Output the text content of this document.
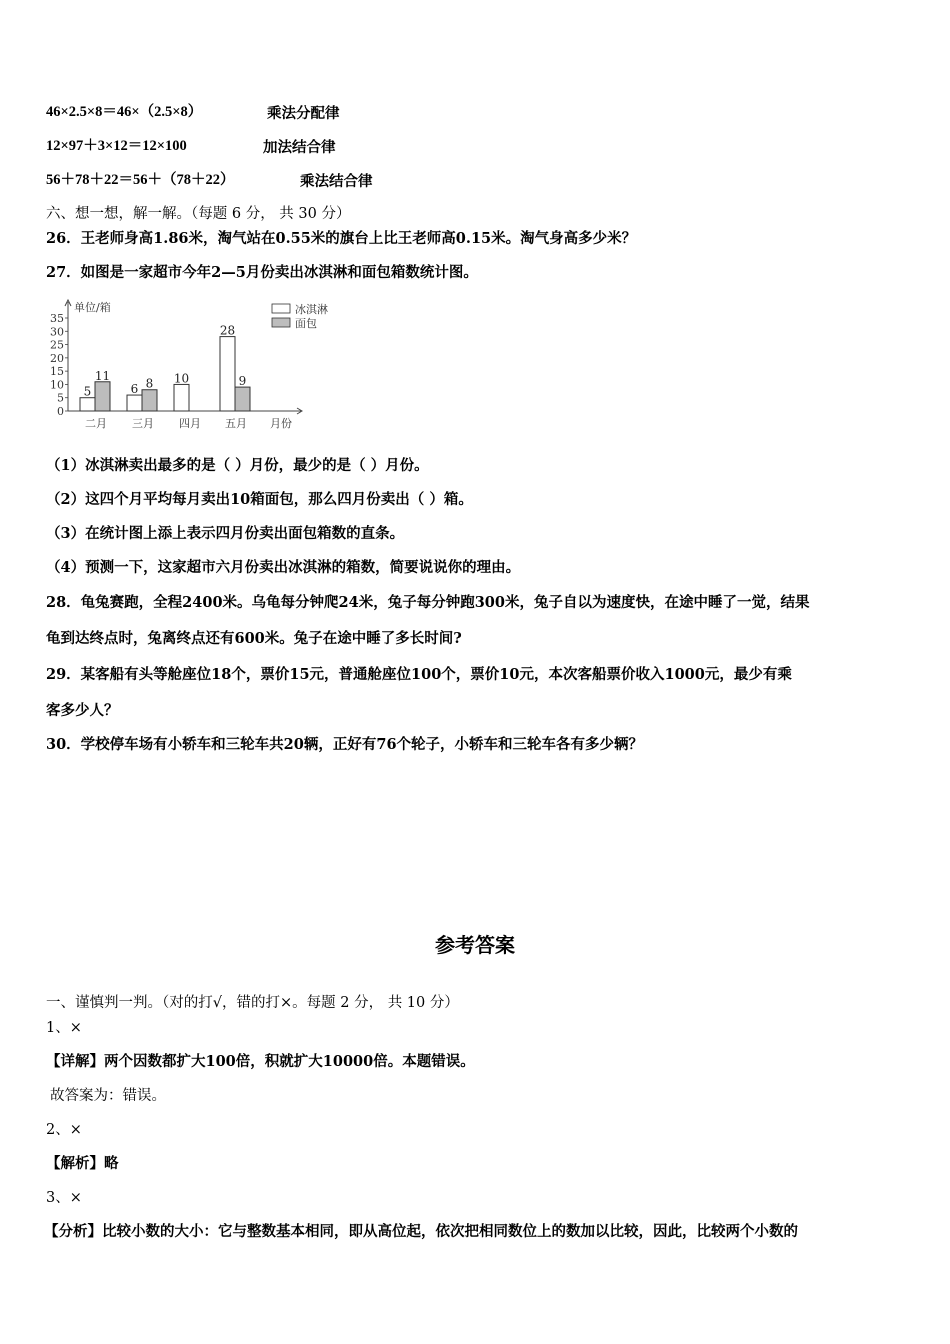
46×2.5×8＝46×（2.5×8）	乘法分配律
12×97＋3×12＝12×100	加法结合律
56＋78＋22＝56＋（78＋22）	乘法结合律
六、想一想，解一解。（每题 6 分， 共 30 分）
26．王老师身高1.86米，淘气站在0.55米的旗台上比王老师高0.15米。淘气身高多少米？
27．如图是一家超市今年2—5月份卖出冰淇淋和面包箱数统计图。
0
5
10
15
20
25
30
35
单位/箱
月份
5
11
二月
6 8
三月
10
四月
28
9
五月
冰淇淋
面包
（1）冰淇淋卖出最多的是（ ）月份，最少的是（ ）月份。
（2）这四个月平均每月卖出10箱面包，那么四月份卖出（ ）箱。
（3）在统计图上添上表示四月份卖出面包箱数的直条。
（4）预测一下，这家超市六月份卖出冰淇淋的箱数，简要说说你的理由。
28．龟兔赛跑，全程2400米。乌龟每分钟爬24米，兔子每分钟跑300米，兔子自以为速度快，在途中睡了一觉，结果
龟到达终点时，兔离终点还有600米。兔子在途中睡了多长时间?
29．某客船有头等舱座位18个，票价15元，普通舱座位100个，票价10元，本次客船票价收入1000元，最少有乘
客多少人？
30．学校停车场有小轿车和三轮车共20辆，正好有76个轮子，小轿车和三轮车各有多少辆？
参考答案
一、谨慎判一判。（对的打√，错的打×。每题 2 分， 共 10 分）
1、×
【详解】两个因数都扩大100倍，积就扩大10000倍。本题错误。
故答案为：错误。
2、×
【解析】略
3、×
【分析】比较小数的大小：它与整数基本相同，即从高位起，依次把相同数位上的数加以比较，因此，比较两个小数的
